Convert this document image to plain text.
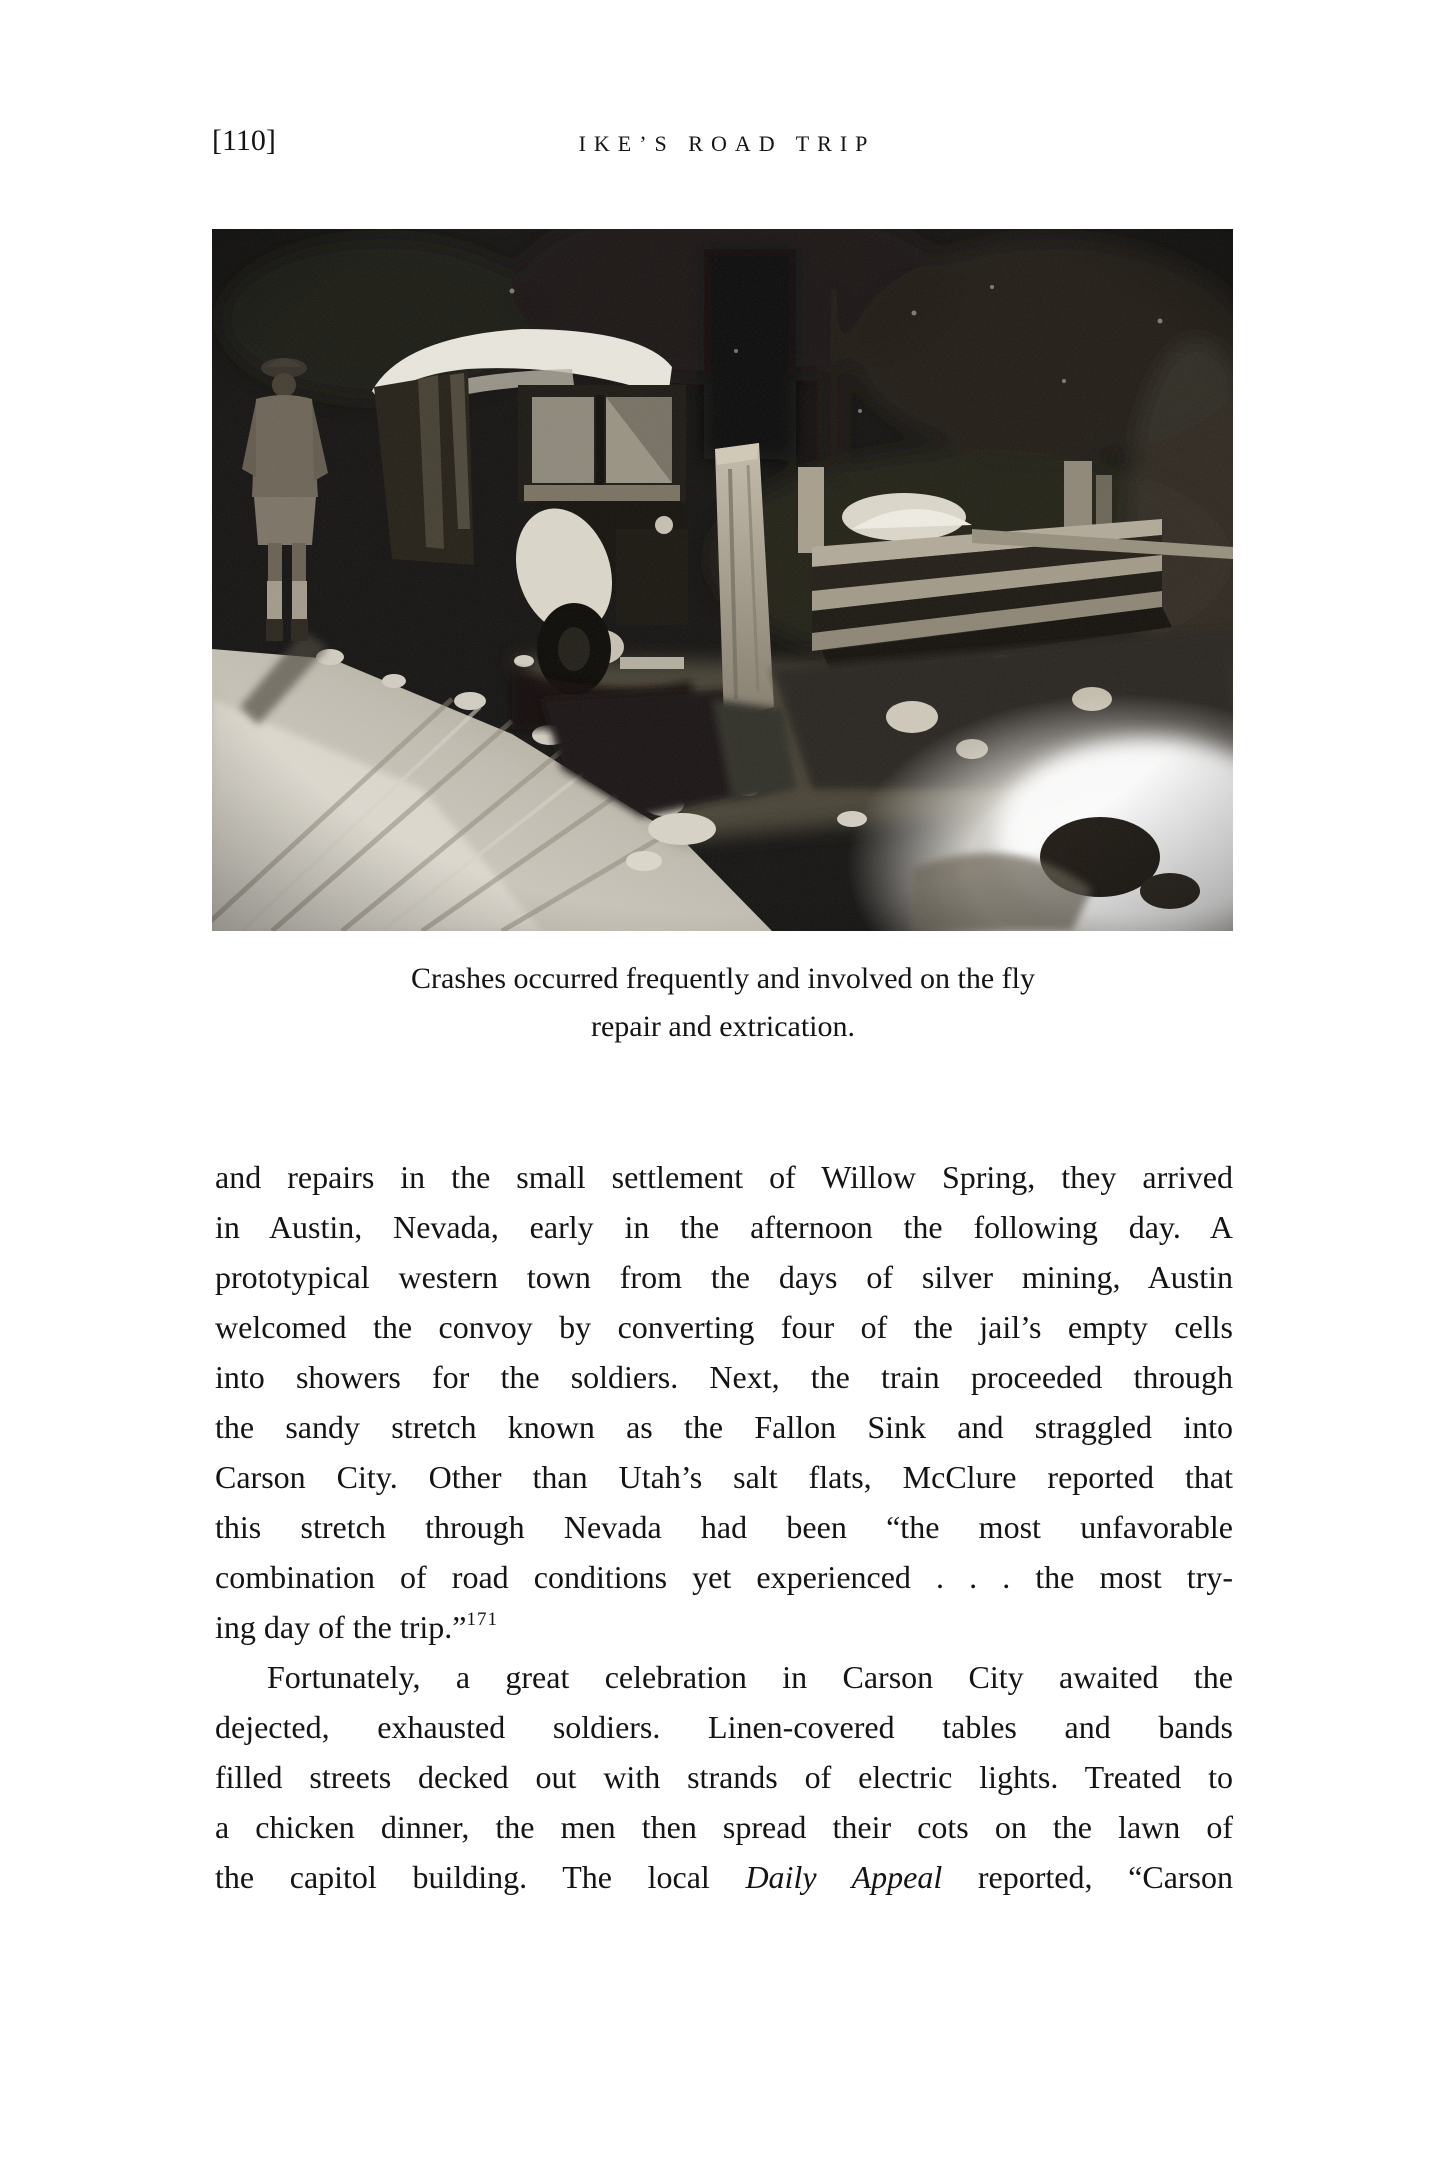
[110]	IKE’S ROAD TRIP
Crashes occurred frequently and involved on the fly
repair and extrication.
and repairs in the small settlement of Willow Spring, they arrived
in Austin, Nevada, early in the afternoon the following day. A
prototypical western town from the days of silver mining, Austin
welcomed the convoy by converting four of the jail’s empty cells
into showers for the soldiers. Next, the train proceeded through
the sandy stretch known as the Fallon Sink and straggled into
Carson City. Other than Utah’s salt flats, McClure reported that
this stretch through Nevada had been “the most unfavorable
combination of road conditions yet experienced . . . the most try-
ing day of the trip.”$^{171}$
Fortunately, a great celebration in Carson City awaited the
dejected, exhausted soldiers. Linen-covered tables and bands
filled streets decked out with strands of electric lights. Treated to
a chicken dinner, the men then spread their cots on the lawn of
the capitol building. The local Daily Appeal reported, “Carson
